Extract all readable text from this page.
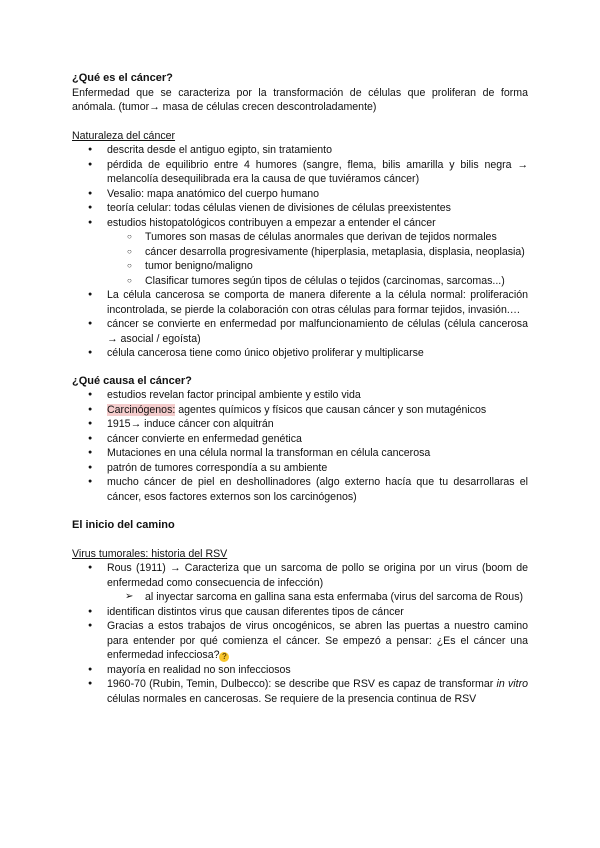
¿Qué es el cáncer?

Enfermedad que se caracteriza por la transformación de células que proliferan de forma anómala. (tumor→ masa de células crecen descontroladamente)

Naturaleza del cáncer

● descrita desde el antiguo egipto, sin tratamiento
● pérdida de equilibrio entre 4 humores (sangre, flema, bilis amarilla y bilis negra → melancolía desequilibrada era la causa de que tuviéramos cáncer)
● Vesalio: mapa anatómico del cuerpo humano
● teoría celular: todas células vienen de divisiones de células preexistentes
● estudios histopatológicos contribuyen a empezar a entender el cáncer
○ Tumores son masas de células anormales que derivan de tejidos normales
○ cáncer desarrolla progresivamente (hiperplasia, metaplasia, displasia, neoplasia)
○ tumor benigno/maligno
○ Clasificar tumores según tipos de células o tejidos (carcinomas, sarcomas...)
● La célula cancerosa se comporta de manera diferente a la célula normal: proliferación incontrolada, se pierde la colaboración con otras células para formar tejidos, invasión.…
● cáncer se convierte en enfermedad por malfuncionamiento de células (célula cancerosa → asocial / egoísta)
● célula cancerosa tiene como único objetivo proliferar y multiplicarse

¿Qué causa el cáncer?

● estudios revelan factor principal ambiente y estilo vida
● Carcinógenos: agentes químicos y físicos que causan cáncer y son mutagénicos
● 1915→ induce cáncer con alquitrán
● cáncer convierte en enfermedad genética
● Mutaciones en una célula normal la transforman en célula cancerosa
● patrón de tumores correspondía a su ambiente
● mucho cáncer de piel en deshollinadores (algo externo hacía que tu desarrollaras el cáncer, esos factores externos son los carcinógenos)

El inicio del camino

Virus tumorales: historia del RSV

● Rous (1911) → Caracteriza que un sarcoma de pollo se origina por un virus (boom de enfermedad como consecuencia de infección)
➢ al inyectar sarcoma en gallina sana esta enfermaba (virus del sarcoma de Rous)
● identifican distintos virus que causan diferentes tipos de cáncer
● Gracias a estos trabajos de virus oncogénicos, se abren las puertas a nuestro camino para entender por qué comienza el cáncer. Se empezó a pensar: ¿Es el cáncer una enfermedad infecciosa? ?
● mayoría en realidad no son infecciosos
● 1960-70 (Rubin, Temin, Dulbecco): se describe que RSV es capaz de transformar in vitro células normales en cancerosas. Se requiere de la presencia continua de RSV
